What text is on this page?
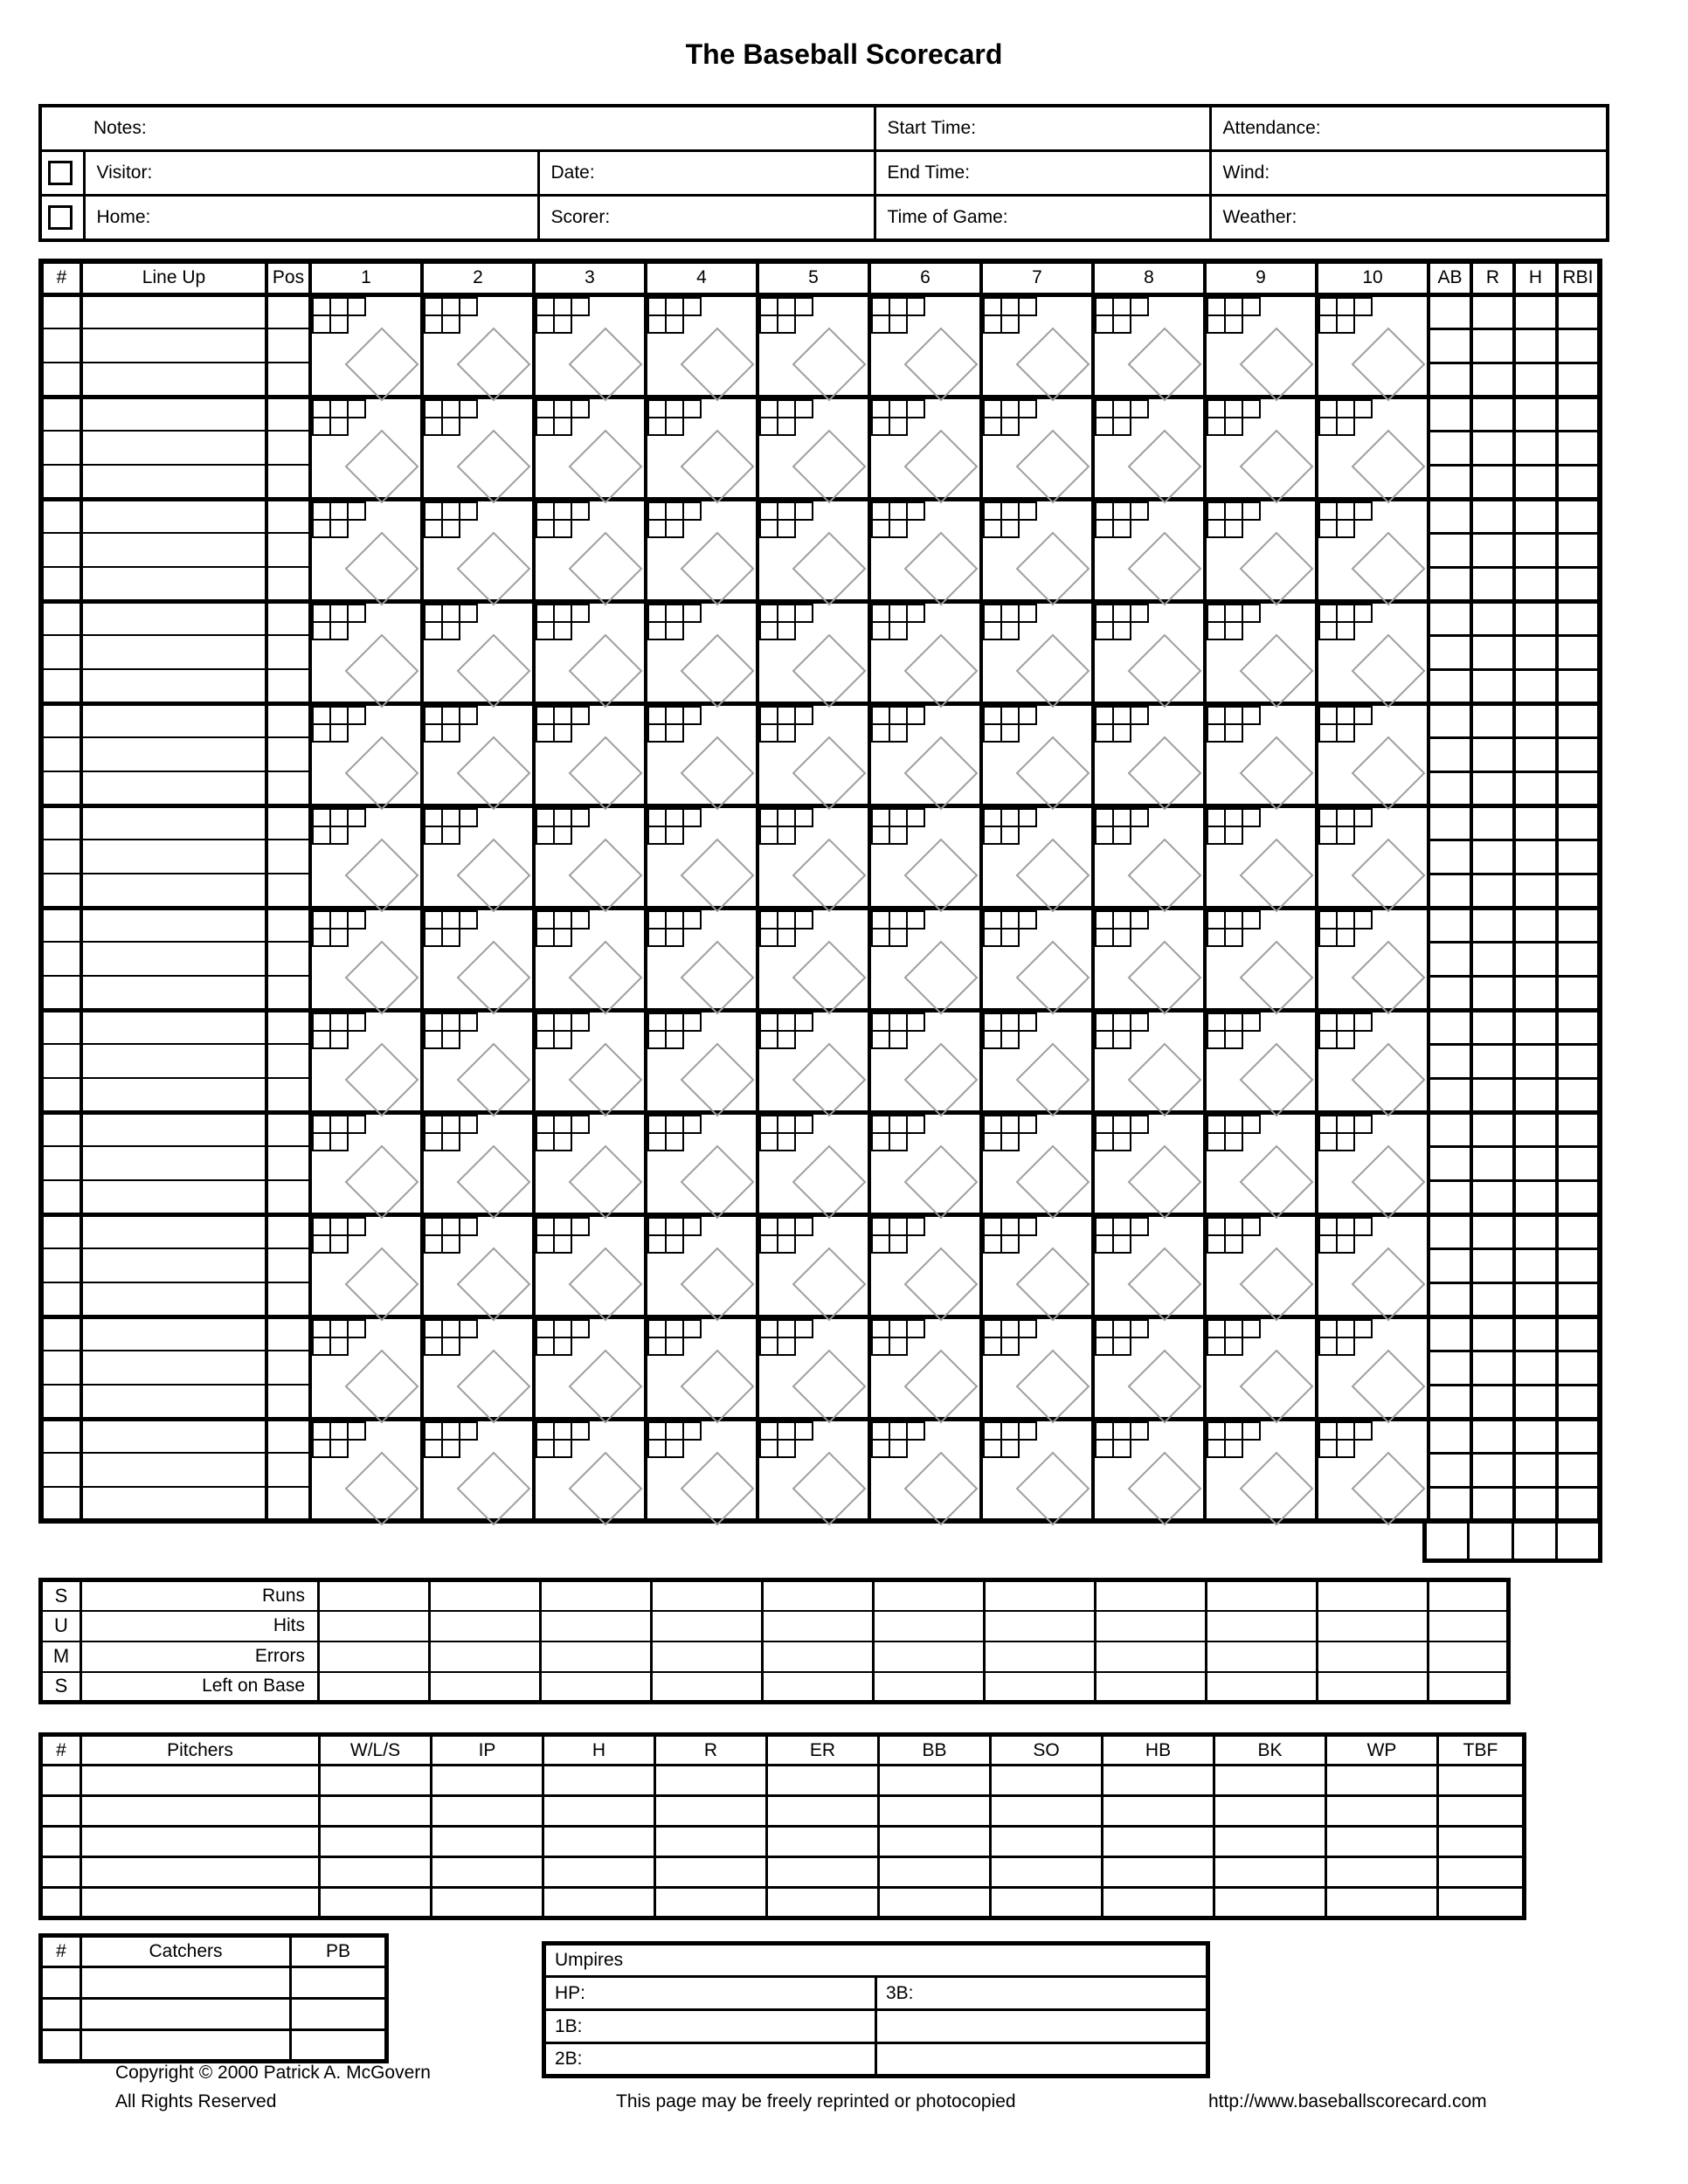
The Baseball Scorecard
Notes:			Start Time:	Attendance:

	Visitor:	Date:	End Time:	Wind:

	Home:	Scorer:	Time of Game:	Weather:
#	Line Up	Pos	1	2	3	4	5	6	7	8	9	10	AB	R	H	RBI

S	Runs											
U	Hits											
M	Errors											
S	Left on Base											
#	Pitchers	W/L/S	IP	H	R	ER	BB	SO	HB	BK	WP	TBF

#	Catchers	PB

			Umpires	
HP:	3B:
1B:	
2B:	
Copyright © 2000 Patrick A. McGovern
All Rights Reserved	This page may be freely reprinted or photocopied	http://www.baseballscorecard.com
